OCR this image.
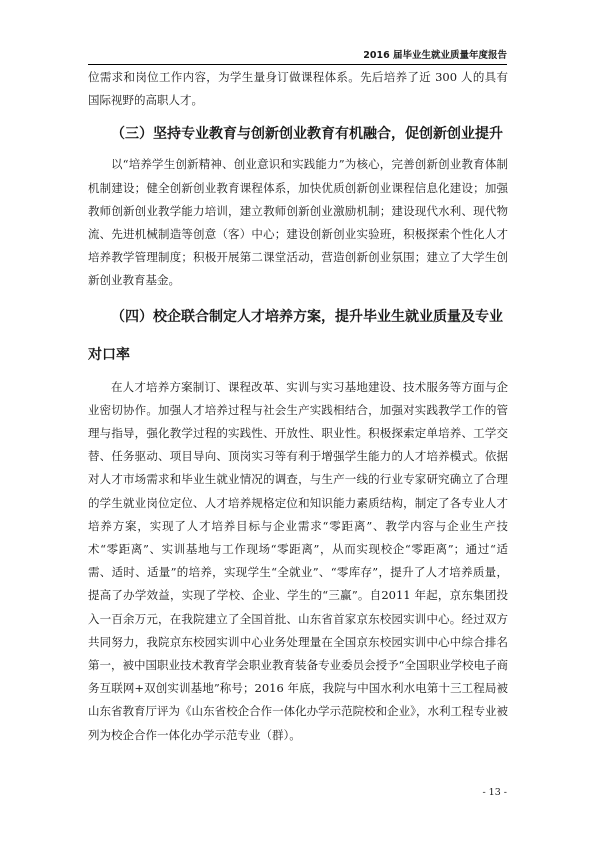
2016 届毕业生就业质量年度报告

位需求和岗位工作内容，为学生量身订做课程体系。先后培养了近 300 人的具有国际视野的高职人才。

（三）坚持专业教育与创新创业教育有机融合，促创新创业提升

以“培养学生创新精神、创业意识和实践能力”为核心，完善创新创业教育体制机制建设；健全创新创业教育课程体系，加快优质创新创业课程信息化建设；加强教师创新创业教学能力培训，建立教师创新创业激励机制；建设现代水利、现代物流、先进机械制造等创意（客）中心；建设创新创业实验班，积极探索个性化人才培养教学管理制度；积极开展第二课堂活动，营造创新创业氛围；建立了大学生创新创业教育基金。

（四）校企联合制定人才培养方案，提升毕业生就业质量及专业对口率

在人才培养方案制订、课程改革、实训与实习基地建设、技术服务等方面与企业密切协作。加强人才培养过程与社会生产实践相结合，加强对实践教学工作的管理与指导，强化教学过程的实践性、开放性、职业性。积极探索定单培养、工学交替、任务驱动、项目导向、顶岗实习等有利于增强学生能力的人才培养模式。依据对人才市场需求和毕业生就业情况的调查，与生产一线的行业专家研究确立了合理的学生就业岗位定位、人才培养规格定位和知识能力素质结构，制定了各专业人才培养方案，实现了人才培养目标与企业需求“零距离”、教学内容与企业生产技术“零距离”、实训基地与工作现场“零距离”，从而实现校企“零距离”；通过“适需、适时、适量”的培养，实现学生“全就业”、“零库存”，提升了人才培养质量，提高了办学效益，实现了学校、企业、学生的“三赢”。自2011 年起，京东集团投入一百余万元，在我院建立了全国首批、山东省首家京东校园实训中心。经过双方共同努力，我院京东校园实训中心业务处理量在全国京东校园实训中心中综合排名第一，被中国职业技术教育学会职业教育装备专业委员会授予“全国职业学校电子商务互联网+双创实训基地”称号；2016 年底，我院与中国水利水电第十三工程局被山东省教育厅评为《山东省校企合作一体化办学示范院校和企业》，水利工程专业被列为校企合作一体化办学示范专业（群）。

- 13 -
